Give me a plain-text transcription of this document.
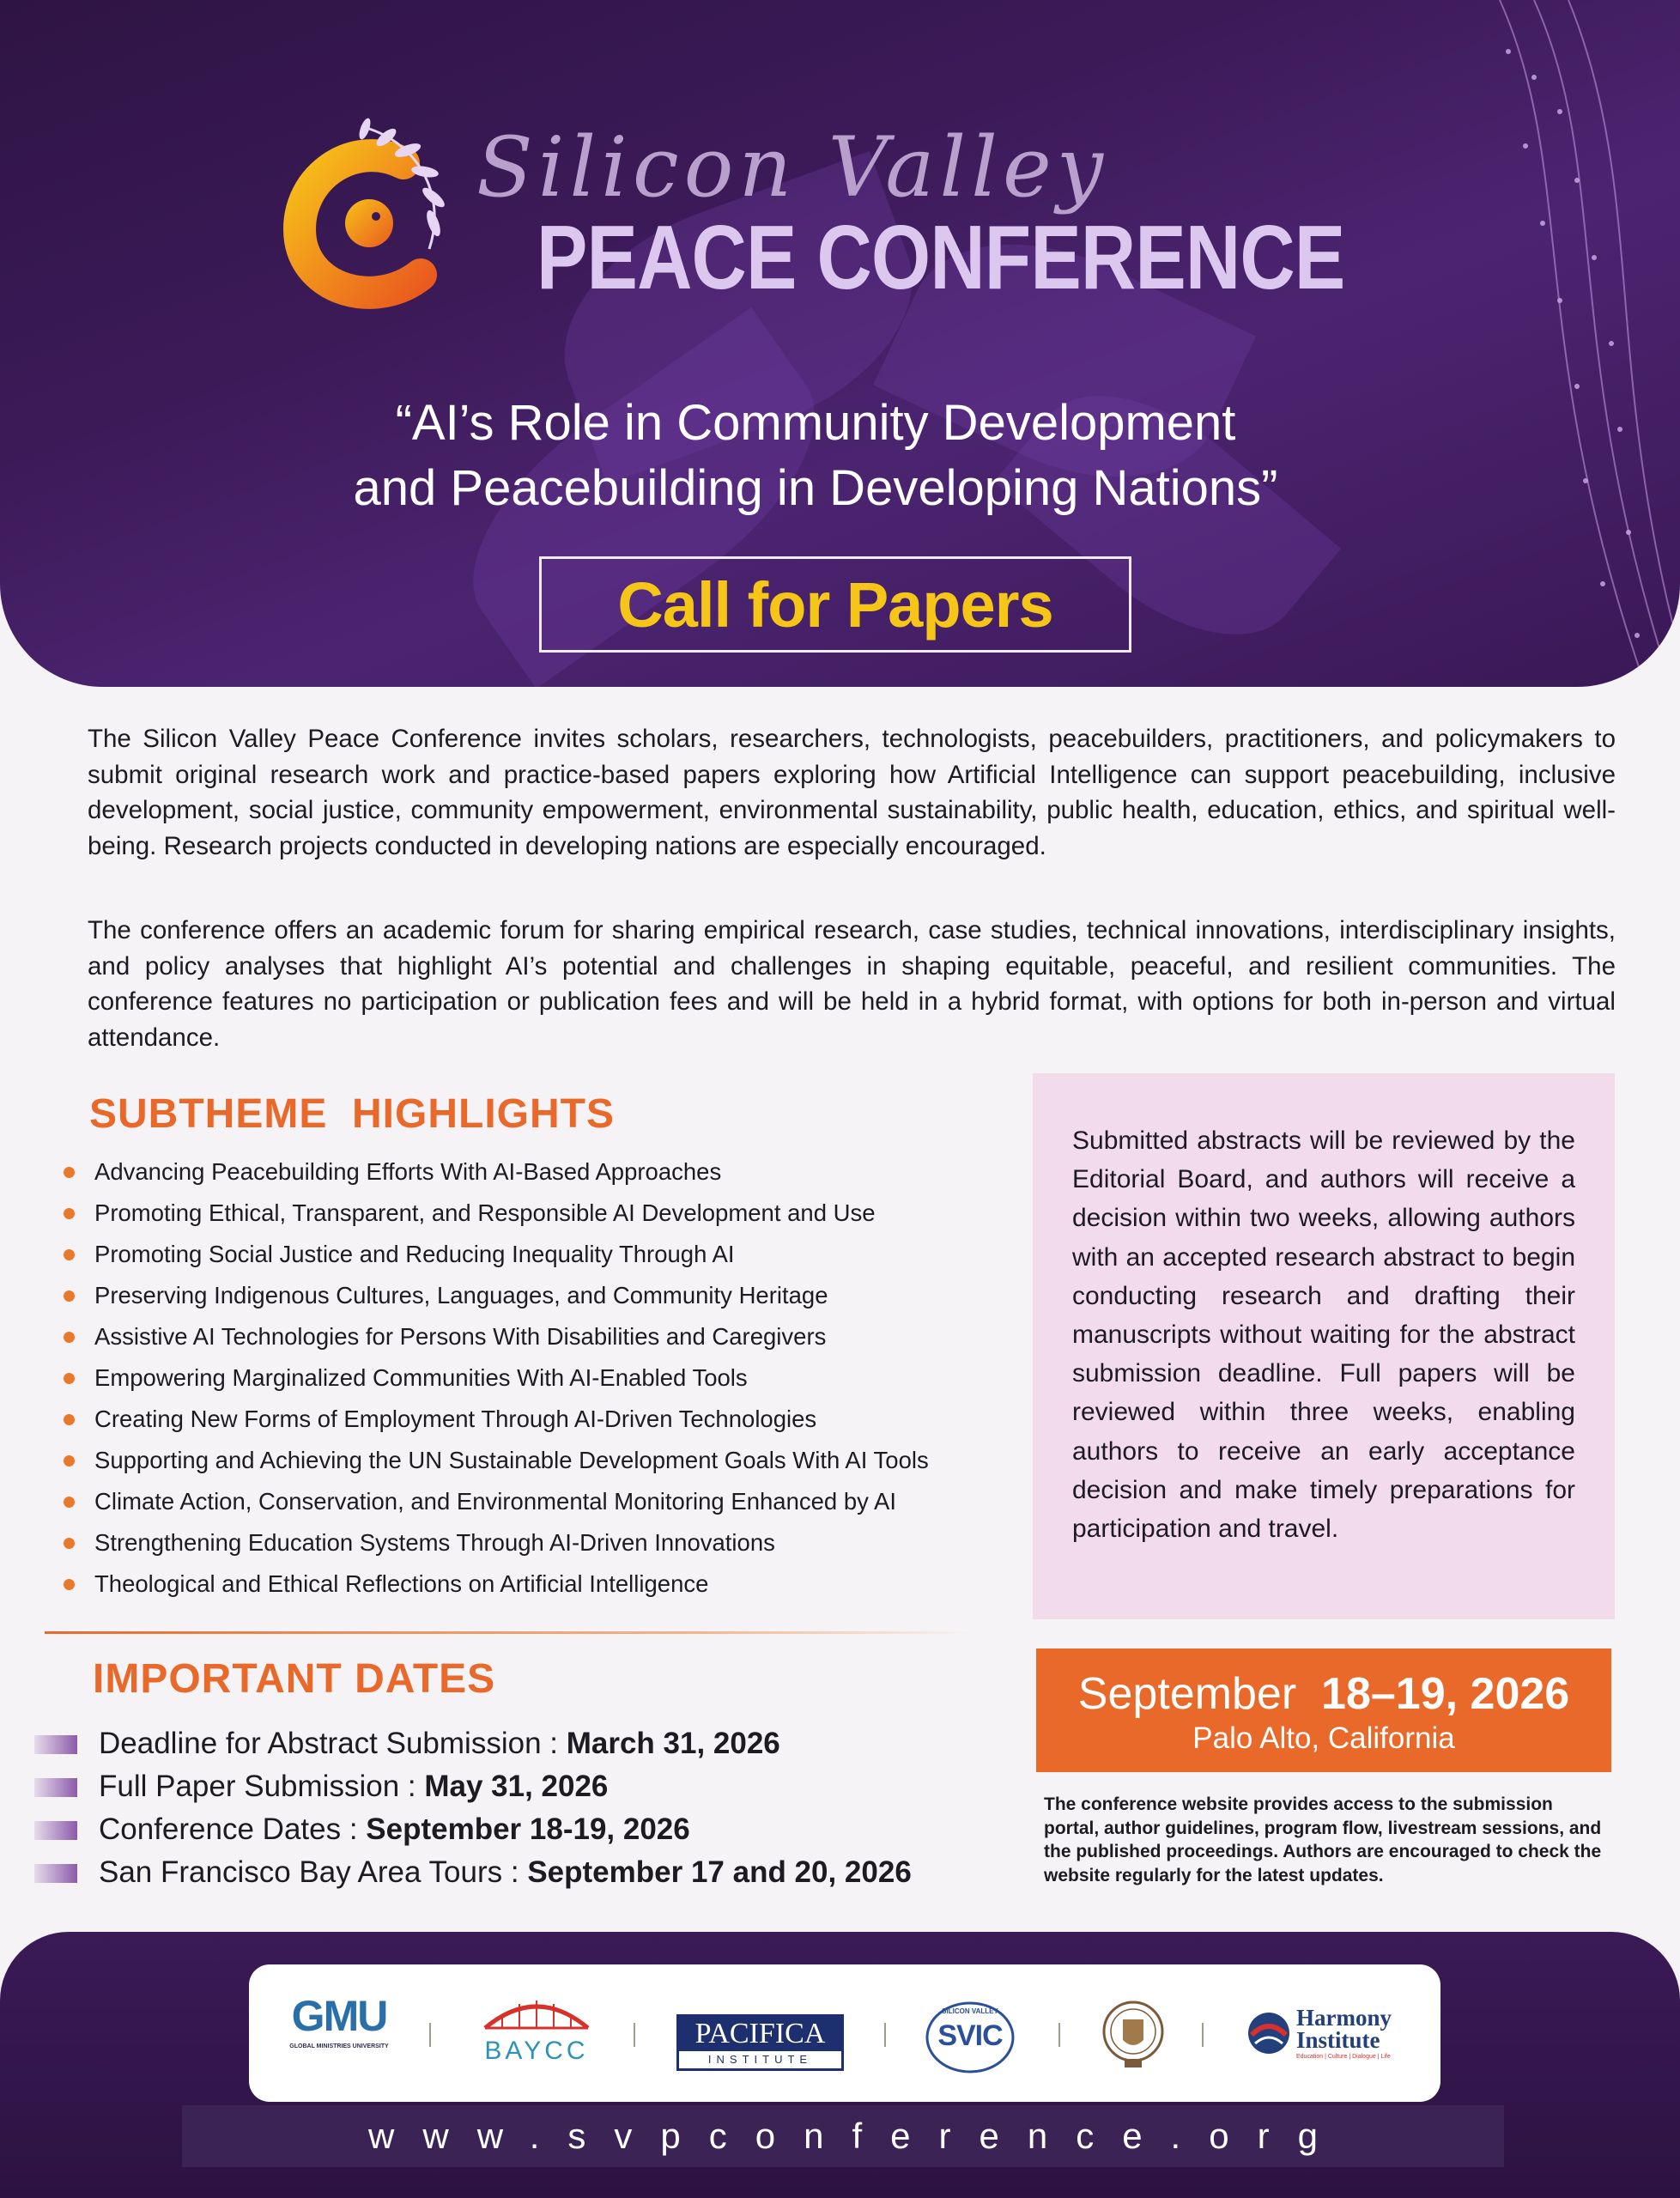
Silicon Valley
PEACE CONFERENCE
“AI’s Role in Community Development
and Peacebuilding in Developing Nations”
Call for Papers

The Silicon Valley Peace Conference invites scholars, researchers, technologists, peacebuilders, practitioners, and policymakers to submit original research work and practice-based papers exploring how Artificial Intelligence can support peacebuilding, inclusive development, social justice, community empowerment, environmental sustainability, public health, education, ethics, and spiritual well-being. Research projects conducted in developing nations are especially encouraged.

The conference offers an academic forum for sharing empirical research, case studies, technical innovations, interdisciplinary insights, and policy analyses that highlight AI’s potential and challenges in shaping equitable, peaceful, and resilient communities. The conference features no participation or publication fees and will be held in a hybrid format, with options for both in-person and virtual attendance.

SUBTHEME  HIGHLIGHTS
Advancing Peacebuilding Efforts With AI-Based Approaches
Promoting Ethical, Transparent, and Responsible AI Development and Use
Promoting Social Justice and Reducing Inequality Through AI
Preserving Indigenous Cultures, Languages, and Community Heritage
Assistive AI Technologies for Persons With Disabilities and Caregivers
Empowering Marginalized Communities With AI-Enabled Tools
Creating New Forms of Employment Through AI-Driven Technologies
Supporting and Achieving the UN Sustainable Development Goals With AI Tools
Climate Action, Conservation, and Environmental Monitoring Enhanced by AI
Strengthening Education Systems Through AI-Driven Innovations
Theological and Ethical Reflections on Artificial Intelligence
Submitted abstracts will be reviewed by the Editorial Board, and authors will receive a decision within two weeks, allowing authors with an accepted research abstract to begin conducting research and drafting their manuscripts without waiting for the abstract submission deadline. Full papers will be reviewed within three weeks, enabling authors to receive an early acceptance decision and make timely preparations for participation and travel.
IMPORTANT DATES
Deadline for Abstract Submission : March 31, 2026
Full Paper Submission : May 31, 2026
Conference Dates : September 18-19, 2026
San Francisco Bay Area Tours : September 17 and 20, 2026
September 18–19, 2026
Palo Alto, California
The conference website provides access to the submission portal, author guidelines, program flow, livestream sessions, and the published proceedings. Authors are encouraged to check the website regularly for the latest updates.
GMU
GLOBAL MINISTRIES UNIVERSITY	BAYCC
PACIFICA
INSTITUTE
SILICON VALLEY
SVIC
Harmony
Institute
Education | Culture | Dialogue | Life
www.svpconference.org
